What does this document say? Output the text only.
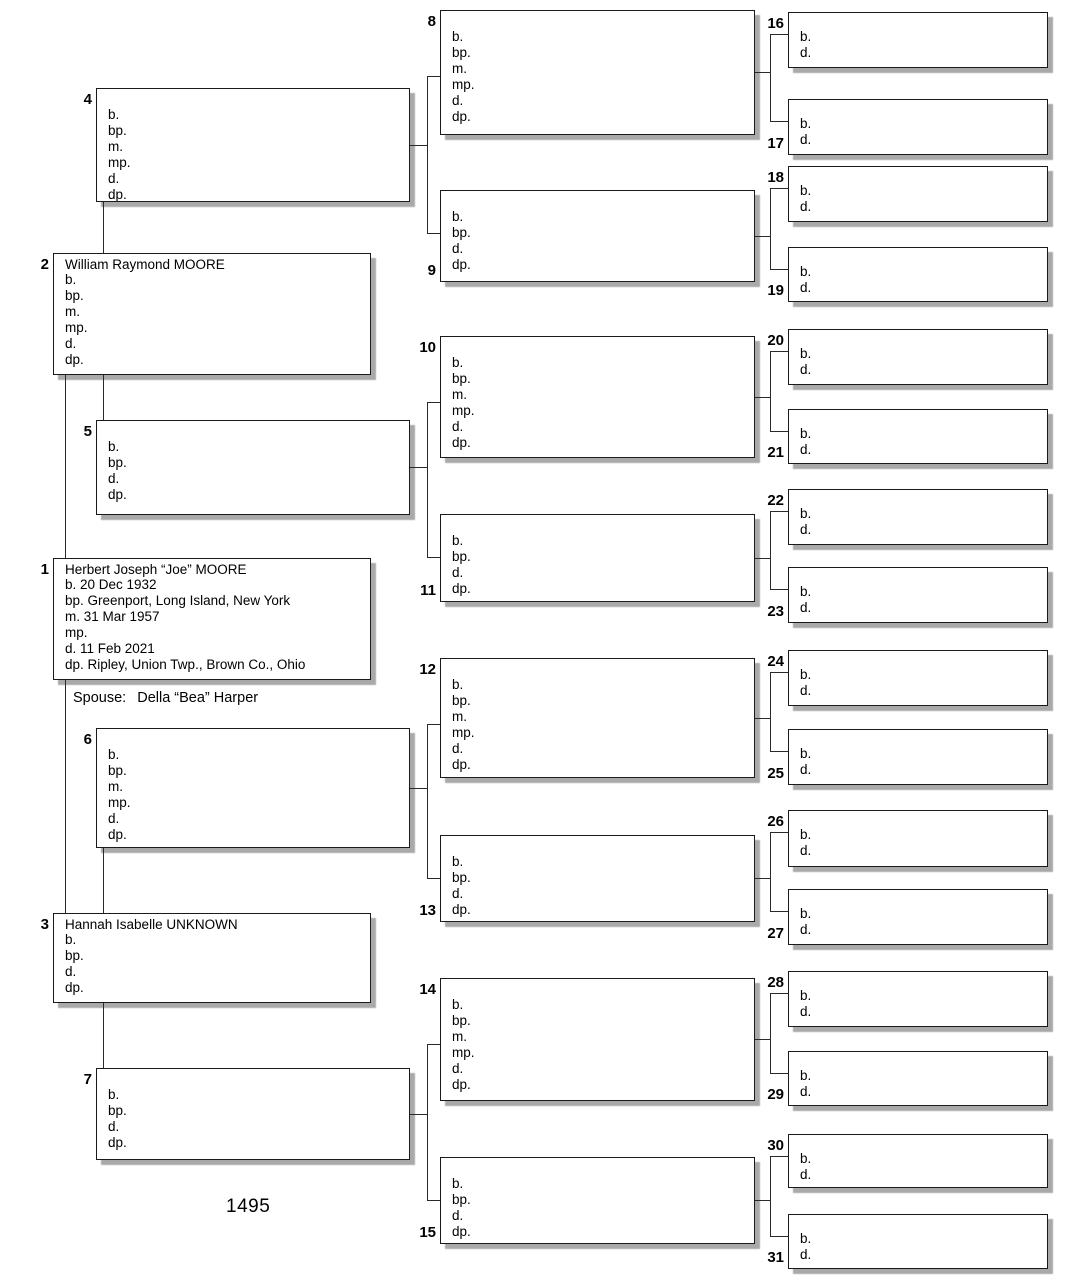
Spouse: Della “Bea” Harper
1495
1 Herbert Joseph “Joe” MOORE
b. 20 Dec 1932
bp. Greenport, Long Island, New York
m. 31 Mar 1957
mp.
d. 11 Feb 2021
dp. Ripley, Union Twp., Brown Co., Ohio
2 William Raymond MOORE
b.
bp.
m.
mp.
d.
dp.
3 Hannah Isabelle UNKNOWN
b.
bp.
d.
dp.
4
b.
bp.
m.
mp.
d.
dp.
5
b.
bp.
d.
dp.
6
b.
bp.
m.
mp.
d.
dp.
7
b.
bp.
d.
dp.
8
b.
bp.
m.
mp.
d.
dp.
9
b.
bp.
d.
dp.
10
b.
bp.
m.
mp.
d.
dp.
11
b.
bp.
d.
dp.
12
b.
bp.
m.
mp.
d.
dp.
13
b.
bp.
d.
dp.
14
b.
bp.
m.
mp.
d.
dp.
15
b.
bp.
d.
dp.
16
b.
d.
17
b.
d.
18
b.
d.
19
b.
d.
20
b.
d.
21
b.
d.
22
b.
d.
23
b.
d.
24
b.
d.
25
b.
d.
26
b.
d.
27
b.
d.
28
b.
d.
29
b.
d.
30
b.
d.
31
b.
d.
